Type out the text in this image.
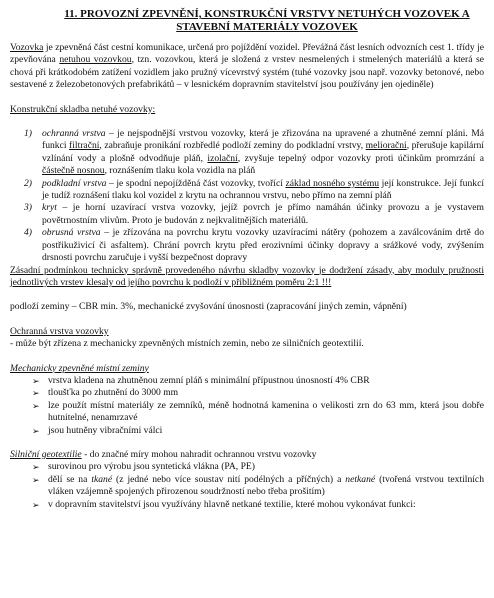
11. PROVOZNÍ ZPEVNĚNÍ, KONSTRUKČNÍ VRSTVY NETUHÝCH VOZOVEK A
STAVEBNÍ MATERIÁLY VOZOVEK

Vozovka je zpevněná část cestní komunikace, určená pro pojíždění vozidel. Převážná část lesních odvozních cest 1. třídy je zpevňována netuhou vozovkou, tzn. vozovkou, která je složená z vrstev nesmelených i stmelených materiálů a která se chová při krátkodobém zatížení vozidlem jako pružný vícevrstvý systém (tuhé vozovky jsou např. vozovky betonové, nebo sestavené z železobetonových prefabrikátů – v lesnickém dopravním stavitelství jsou používány jen ojediněle)

Konstrukční skladba netuhé vozovky:

1)	ochranná vrstva – je nejspodnější vrstvou vozovky, která je zřizována na upravené a zhutněné zemní pláni. Má funkci filtrační, zabraňuje pronikání rozbředlé podloží zeminy do podkladní vrstvy, meliorační, přerušuje kapilární vzlínání vody a plošně odvodňuje pláň, izolační, zvyšuje tepelný odpor vozovky proti účinkům promrzání a částečně nosnou, roznášením tlaku kola vozidla na pláň
2)	podkladní vrstva – je spodní nepojížděná část vozovky, tvořící základ nosného systému její konstrukce. Její funkcí je tudíž roznášení tlaku kol vozidel z krytu na ochrannou vrstvu, nebo přímo na zemní pláň
3)	kryt – je horní uzavírací vrstva vozovky, jejíž povrch je přímo namáhán účinky provozu a je vystavem povětrnostním vlivům. Proto je budován z nejkvalitnějších materiálů.
4)	obrusná vrstva – je zřízována na povrchu krytu vozovky uzavíracími nátěry (pohozem a zaválcováním drtě do postřikuživicí či asfaltem). Chrání povrch krytu před erozivními účinky dopravy a srážkové vody, zvýšením drsnosti povrchu zaručuje i vyšší bezpečnost dopravy

Zásadní podmínkou technicky správně provedeného návrhu skladby vozovky je dodržení zásady, aby moduly pružnosti jednotlivých vrstev klesaly od jejího povrchu k podloží v přibližném poměru 2:1 !!!

podloží zeminy – CBR min. 3%, mechanické zvyšování únosnosti (zapracování jiných zemin, vápnění)

Ochranná vrstva vozovky

- může být zřízena z mechanicky zpevněných místních zemin, nebo ze silničních geotextilií.

Mechanicky zpevněné místní zeminy

➢ vrstva kladena na zhutněnou zemní pláň s minimální přípustnou únosností 4% CBR
➢ tloušťka po zhutnění do 3000 mm
➢ lze použít místní materiály ze zemníků, méně hodnotná kamenina o velikosti zrn do 63 mm, která jsou dobře hutnitelné, nenamrzavé
➢ jsou hutněny vibračními válci

Silniční geotextilie - do značné míry mohou nahradit ochrannou vrstvu vozovky

➢ surovinou pro výrobu jsou syntetická vlákna (PA, PE)
➢ dělí se na tkané (z jedné nebo více soustav nití podélných a příčných) a netkané (tvořená vrstvou textilních vláken vzájemně spojených přirozenou soudržností nebo třeba prošitím)
➢ v dopravním stavitelství jsou využívány hlavně netkané textilie, které mohou vykonávat funkci:
